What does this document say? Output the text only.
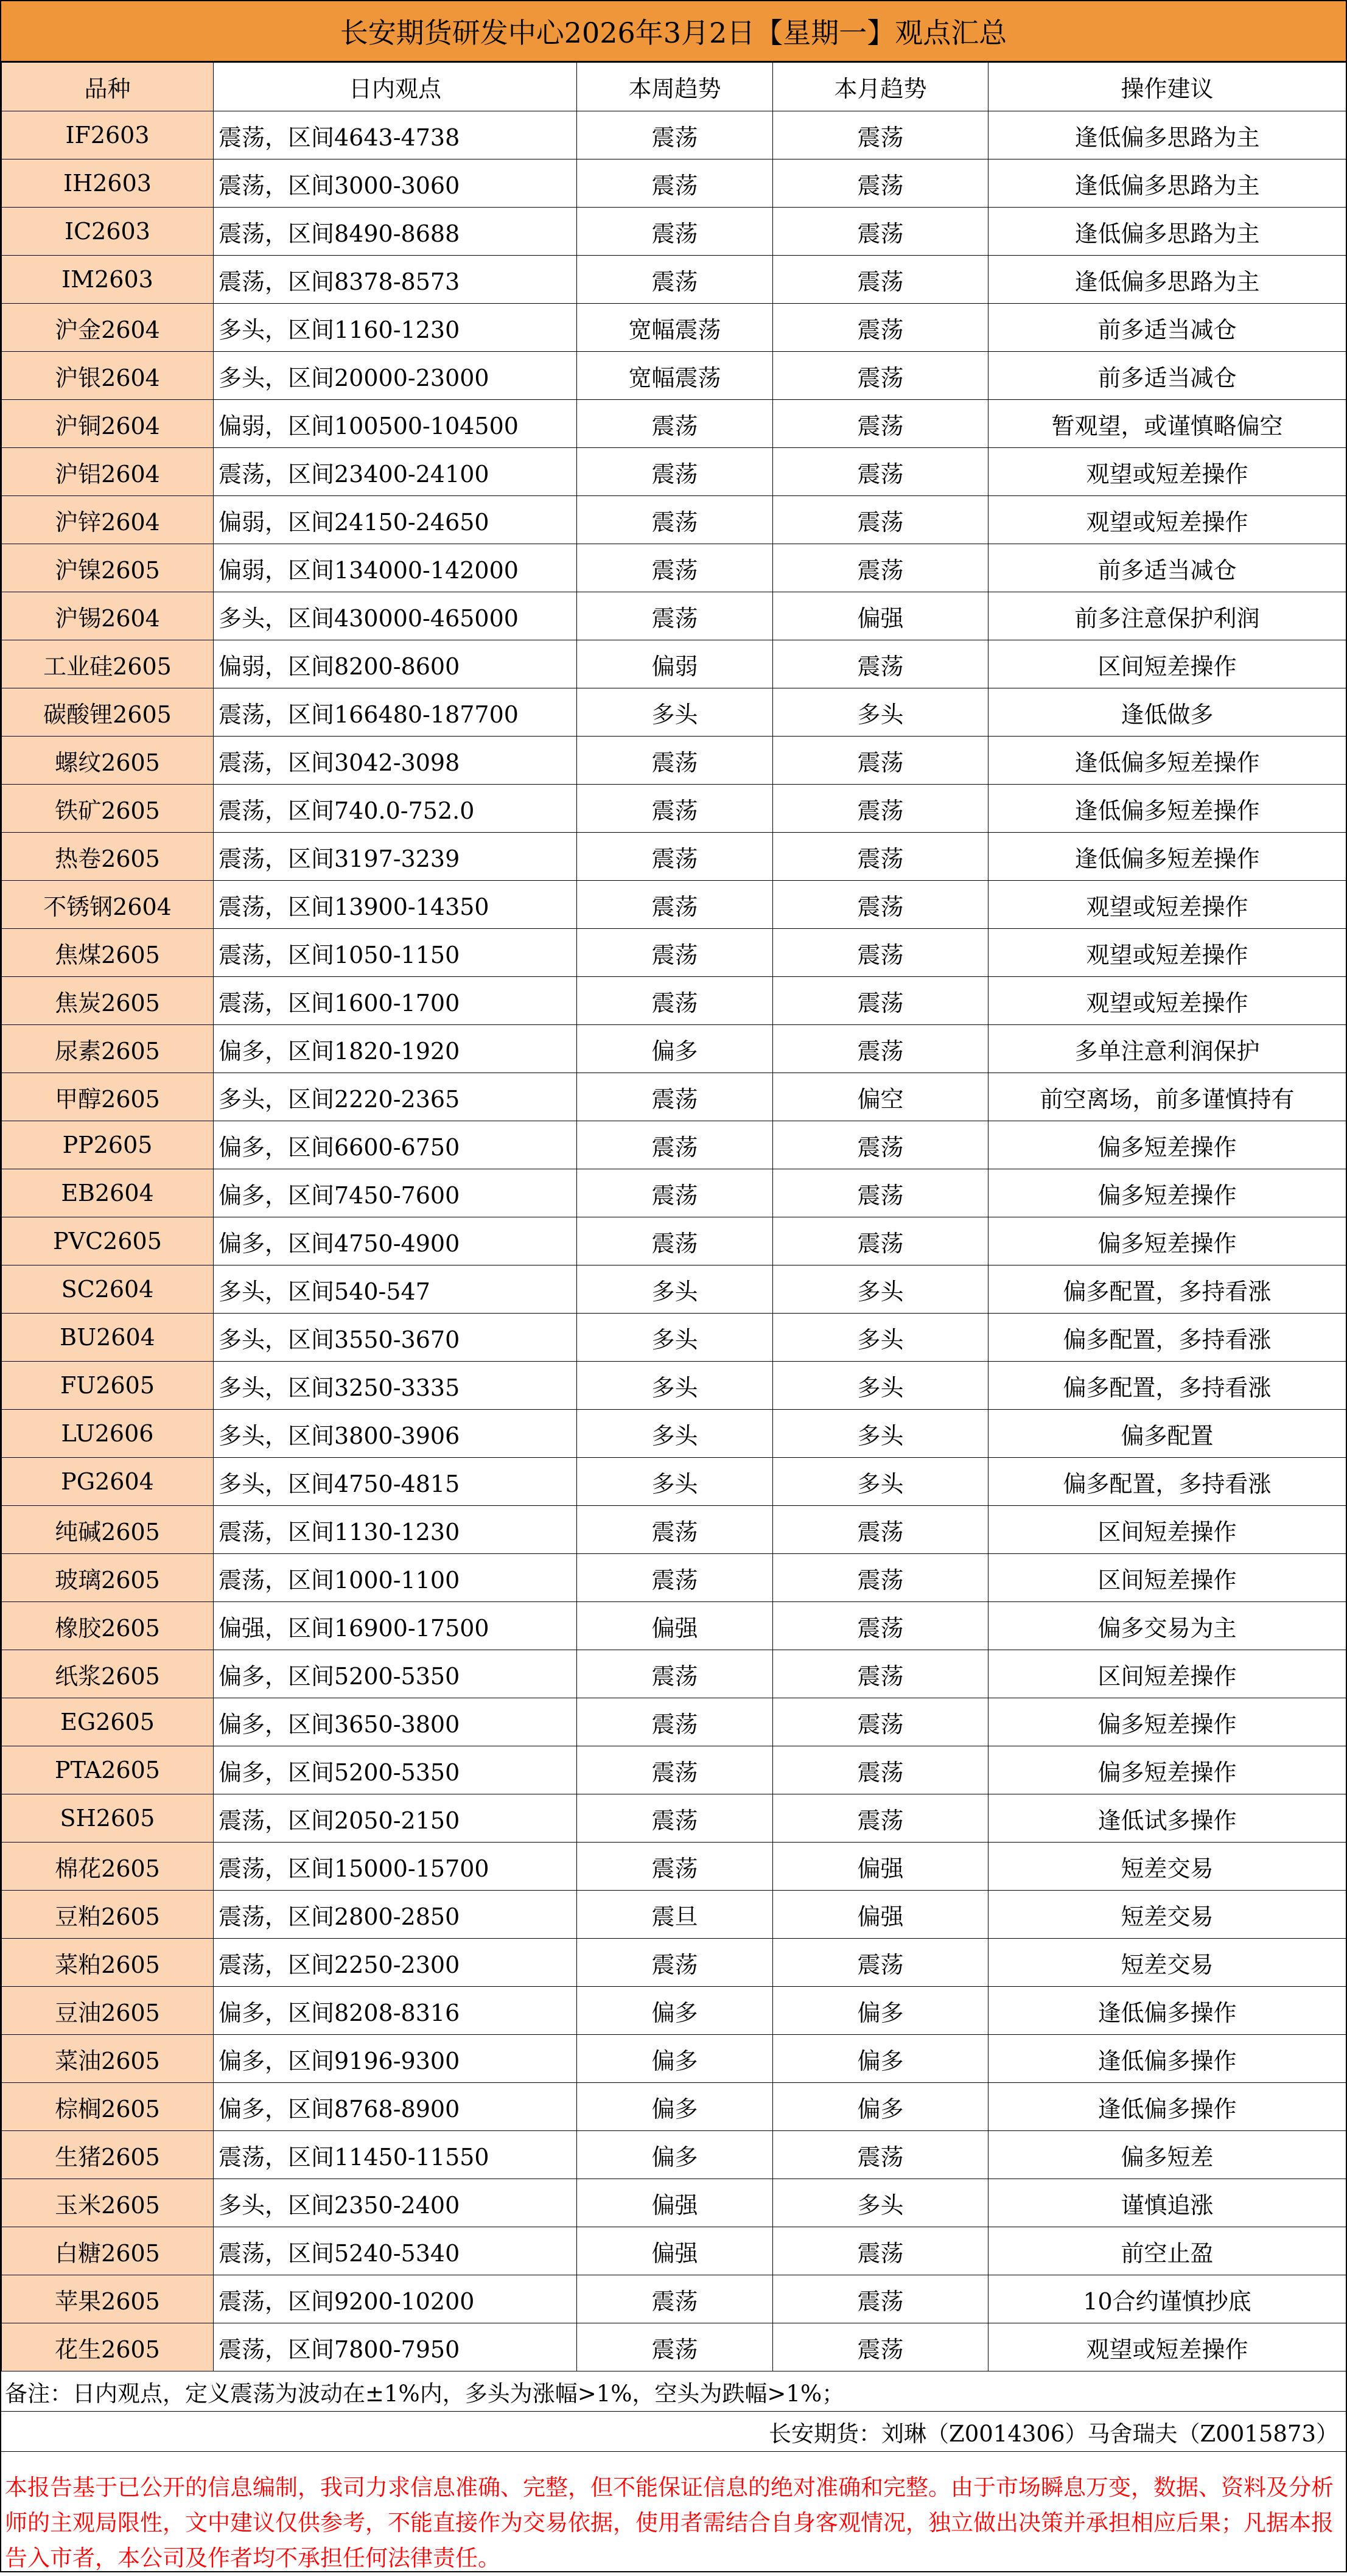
长安期货研发中心2026年3月2日【星期一】观点汇总
品种	日内观点	本周趋势	本月趋势	操作建议
IF2603	震荡，区间4643-4738	震荡	震荡	逢低偏多思路为主
IH2603	震荡，区间3000-3060	震荡	震荡	逢低偏多思路为主
IC2603	震荡，区间8490-8688	震荡	震荡	逢低偏多思路为主
IM2603	震荡，区间8378-8573	震荡	震荡	逢低偏多思路为主
沪金2604	多头，区间1160-1230	宽幅震荡	震荡	前多适当减仓
沪银2604	多头，区间20000-23000	宽幅震荡	震荡	前多适当减仓
沪铜2604	偏弱，区间100500-104500	震荡	震荡	暂观望，或谨慎略偏空
沪铝2604	震荡，区间23400-24100	震荡	震荡	观望或短差操作
沪锌2604	偏弱，区间24150-24650	震荡	震荡	观望或短差操作
沪镍2605	偏弱，区间134000-142000	震荡	震荡	前多适当减仓
沪锡2604	多头，区间430000-465000	震荡	偏强	前多注意保护利润
工业硅2605	偏弱，区间8200-8600	偏弱	震荡	区间短差操作
碳酸锂2605	震荡，区间166480-187700	多头	多头	逢低做多
螺纹2605	震荡，区间3042-3098	震荡	震荡	逢低偏多短差操作
铁矿2605	震荡，区间740.0-752.0	震荡	震荡	逢低偏多短差操作
热卷2605	震荡，区间3197-3239	震荡	震荡	逢低偏多短差操作
不锈钢2604	震荡，区间13900-14350	震荡	震荡	观望或短差操作
焦煤2605	震荡，区间1050-1150	震荡	震荡	观望或短差操作
焦炭2605	震荡，区间1600-1700	震荡	震荡	观望或短差操作
尿素2605	偏多，区间1820-1920	偏多	震荡	多单注意利润保护
甲醇2605	多头，区间2220-2365	震荡	偏空	前空离场，前多谨慎持有
PP2605	偏多，区间6600-6750	震荡	震荡	偏多短差操作
EB2604	偏多，区间7450-7600	震荡	震荡	偏多短差操作
PVC2605	偏多，区间4750-4900	震荡	震荡	偏多短差操作
SC2604	多头，区间540-547	多头	多头	偏多配置，多持看涨
BU2604	多头，区间3550-3670	多头	多头	偏多配置，多持看涨
FU2605	多头，区间3250-3335	多头	多头	偏多配置，多持看涨
LU2606	多头，区间3800-3906	多头	多头	偏多配置
PG2604	多头，区间4750-4815	多头	多头	偏多配置，多持看涨
纯碱2605	震荡，区间1130-1230	震荡	震荡	区间短差操作
玻璃2605	震荡，区间1000-1100	震荡	震荡	区间短差操作
橡胶2605	偏强，区间16900-17500	偏强	震荡	偏多交易为主
纸浆2605	偏多，区间5200-5350	震荡	震荡	区间短差操作
EG2605	偏多，区间3650-3800	震荡	震荡	偏多短差操作
PTA2605	偏多，区间5200-5350	震荡	震荡	偏多短差操作
SH2605	震荡，区间2050-2150	震荡	震荡	逢低试多操作
棉花2605	震荡，区间15000-15700	震荡	偏强	短差交易
豆粕2605	震荡，区间2800-2850	震旦	偏强	短差交易
菜粕2605	震荡，区间2250-2300	震荡	震荡	短差交易
豆油2605	偏多，区间8208-8316	偏多	偏多	逢低偏多操作
菜油2605	偏多，区间9196-9300	偏多	偏多	逢低偏多操作
棕榈2605	偏多，区间8768-8900	偏多	偏多	逢低偏多操作
生猪2605	震荡，区间11450-11550	偏多	震荡	偏多短差
玉米2605	多头，区间2350-2400	偏强	多头	谨慎追涨
白糖2605	震荡，区间5240-5340	偏强	震荡	前空止盈
苹果2605	震荡，区间9200-10200	震荡	震荡	10合约谨慎抄底
花生2605	震荡，区间7800-7950	震荡	震荡	观望或短差操作
备注：日内观点，定义震荡为波动在±1%内，多头为涨幅>1%，空头为跌幅>1%；
长安期货：刘琳（Z0014306）马舍瑞夫（Z0015873）
本报告基于已公开的信息编制，我司力求信息准确、完整，但不能保证信息的绝对准确和完整。由于市场瞬息万变，数据、资料及分析师的主观局限性，文中建议仅供参考，不能直接作为交易依据，使用者需结合自身客观情况，独立做出决策并承担相应后果；凡据本报告入市者，本公司及作者均不承担任何法律责任。
